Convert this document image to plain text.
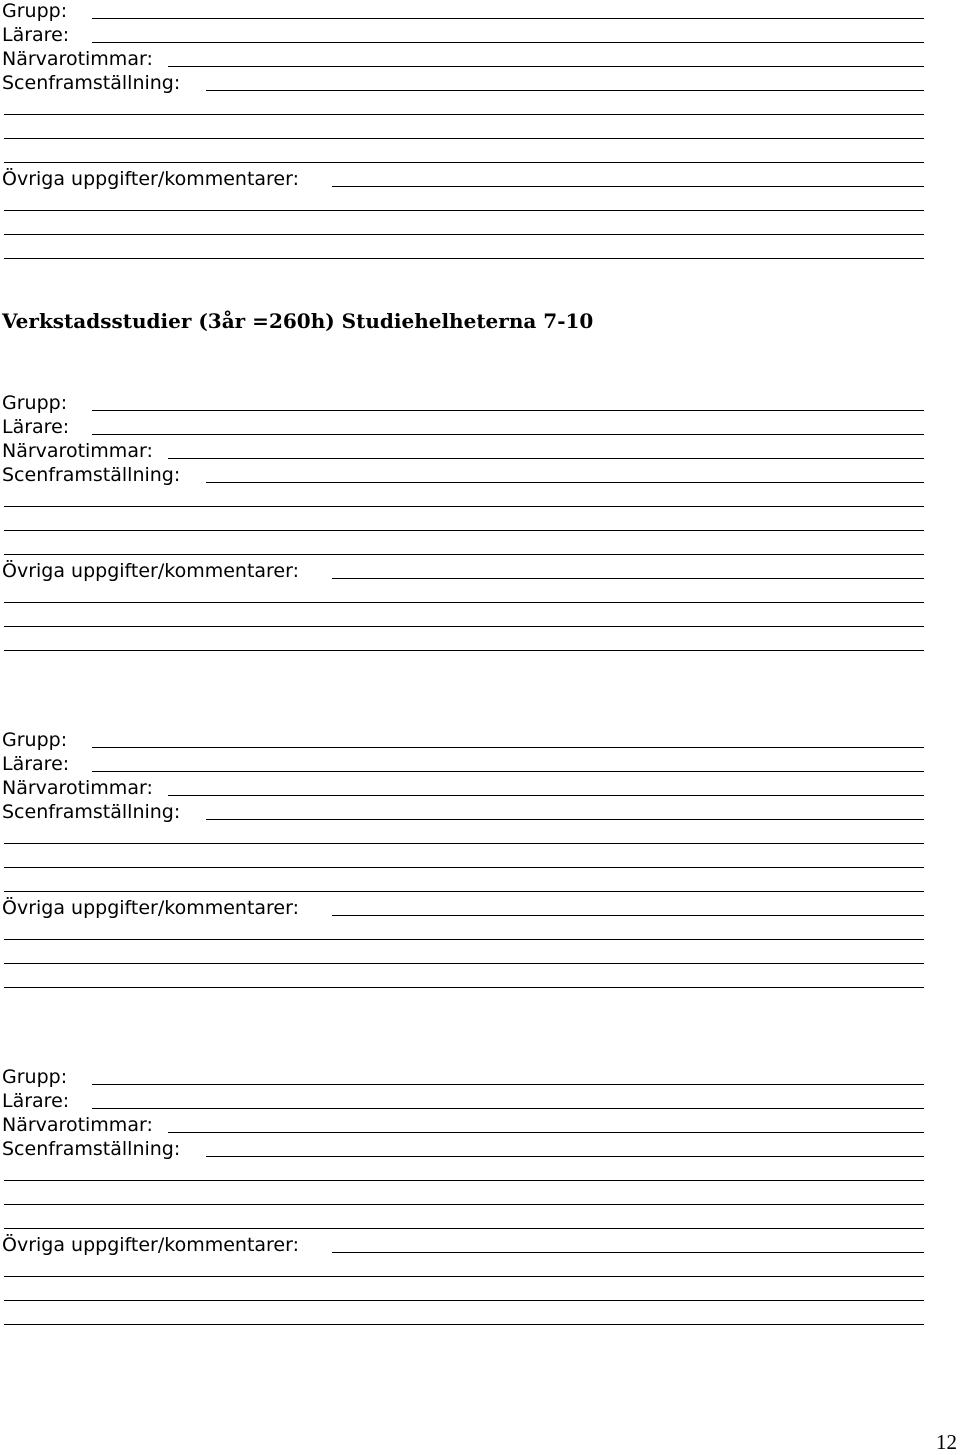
Grupp:
Lärare:
Närvarotimmar:
Scenframställning:
Övriga uppgifter/kommentarer:
Verkstadsstudier (3år =260h) Studiehelheterna 7-10
Grupp:
Lärare:
Närvarotimmar:
Scenframställning:
Övriga uppgifter/kommentarer:
Grupp:
Lärare:
Närvarotimmar:
Scenframställning:
Övriga uppgifter/kommentarer:
Grupp:
Lärare:
Närvarotimmar:
Scenframställning:
Övriga uppgifter/kommentarer:
12
